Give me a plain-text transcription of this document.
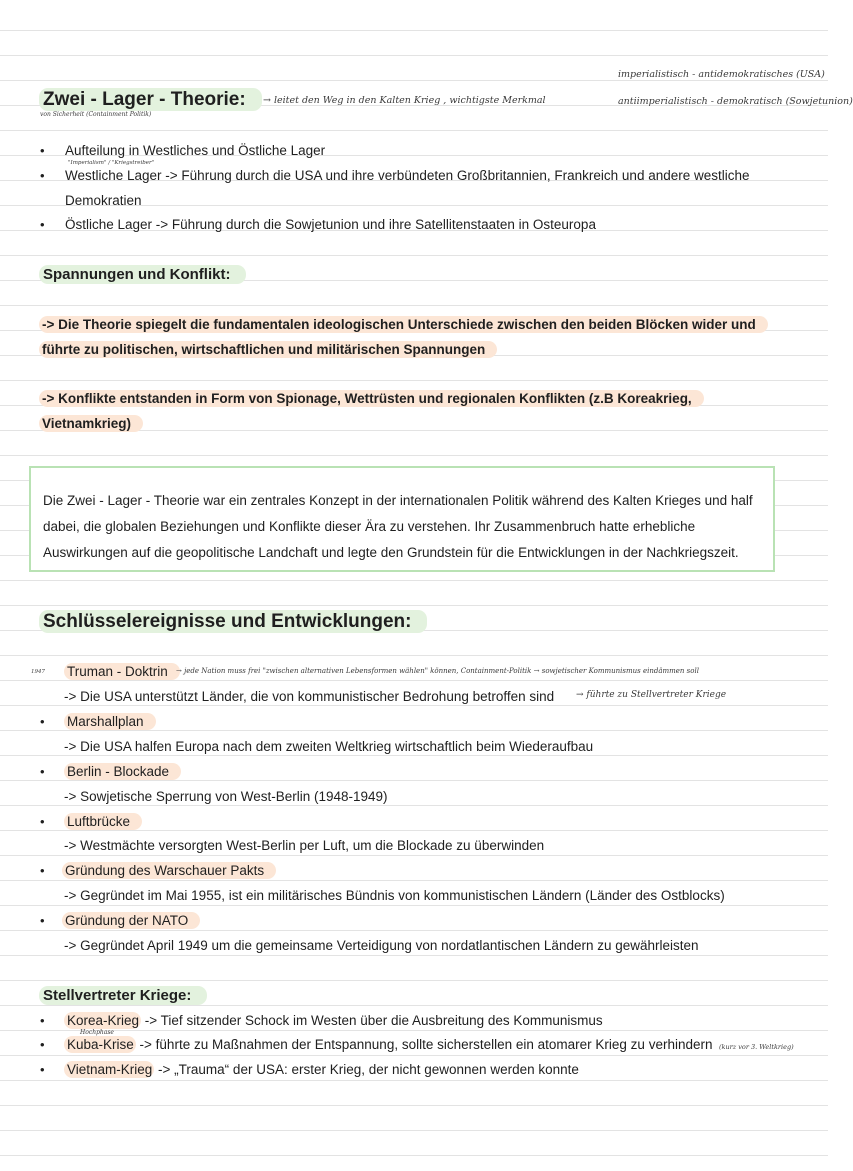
imperialistisch - antidemokratisches (USA)
antiimperialistisch - demokratisch (Sowjetunion)
Zwei - Lager - Theorie:
von Sicherheit (Containment Politik)
→ leitet den Weg in den Kalten Krieg , wichtigste Merkmal
• Aufteilung in Westliches und Östliche Lager
"Imperialism" / "Kriegstreiber"
• Westliche Lager -> Führung durch die USA und ihre verbündeten Großbritannien, Frankreich und andere westliche
Demokratien
• Östliche Lager -> Führung durch die Sowjetunion und ihre Satellitenstaaten in Osteuropa
Spannungen und Konflikt:
-> Die Theorie spiegelt die fundamentalen ideologischen Unterschiede zwischen den beiden Blöcken wider und
führte zu politischen, wirtschaftlichen und militärischen Spannungen
-> Konflikte entstanden in Form von Spionage, Wettrüsten und regionalen Konflikten (z.B Koreakrieg,
Vietnamkrieg)
Die Zwei - Lager - Theorie war ein zentrales Konzept in der internationalen Politik während des Kalten Krieges und half dabei, die globalen Beziehungen und Konflikte dieser Ära zu verstehen. Ihr Zusammenbruch hatte erhebliche Auswirkungen auf die geopolitische Landchaft und legte den Grundstein für die Entwicklungen in der Nachkriegszeit.
Schlüsselereignisse und Entwicklungen:
1947 Truman - Doktrin	→ jede Nation muss frei "zwischen alternativen Lebensformen wählen" können, Containment-Politik → sowjetischer Kommunismus eindämmen soll
-> Die USA unterstützt Länder, die von kommunistischer Bedrohung betroffen sind → führte zu Stellvertreter Kriege
• Marshallplan
-> Die USA halfen Europa nach dem zweiten Weltkrieg wirtschaftlich beim Wiederaufbau
• Berlin - Blockade
-> Sowjetische Sperrung von West-Berlin (1948-1949)
• Luftbrücke
-> Westmächte versorgten West-Berlin per Luft, um die Blockade zu überwinden
• Gründung des Warschauer Pakts
-> Gegründet im Mai 1955, ist ein militärisches Bündnis von kommunistischen Ländern (Länder des Ostblocks)
• Gründung der NATO
-> Gegründet April 1949 um die gemeinsame Verteidigung von nordatlantischen Ländern zu gewährleisten
Stellvertreter Kriege:
• Korea-Krieg -> Tief sitzender Schock im Westen über die Ausbreitung des Kommunismus
Hochphase
• Kuba-Krise -> führte zu Maßnahmen der Entspannung, sollte sicherstellen ein atomarer Krieg zu verhindern (kurz vor 3. Weltkrieg)
• Vietnam-Krieg -> „Trauma“ der USA: erster Krieg, der nicht gewonnen werden konnte
